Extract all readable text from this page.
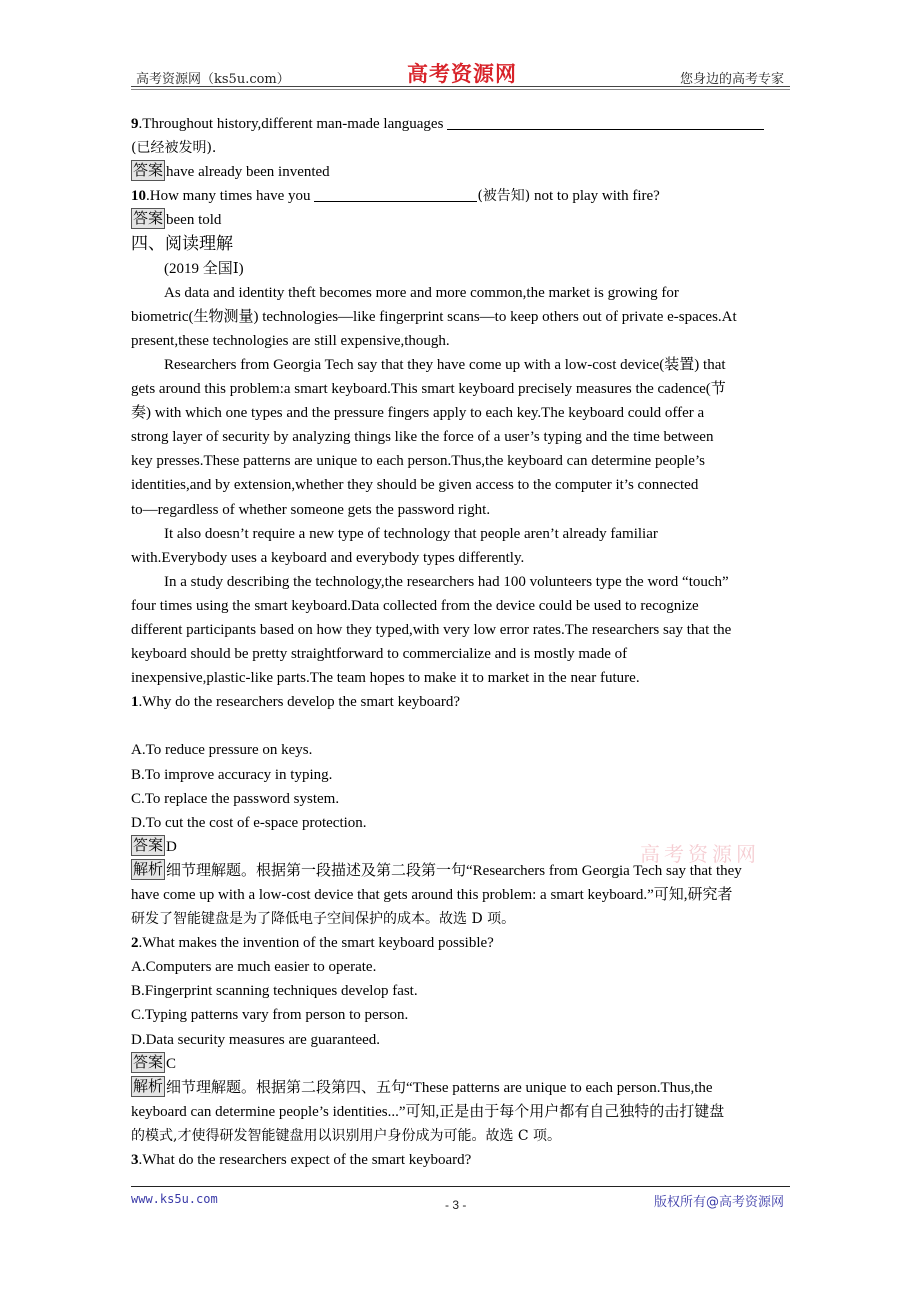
高考资源网（ks5u.com）	高考资源网	您身边的高考专家
9.Throughout history,different man-made languages
(已经被发明).
答案 have already been invented
10.How many times have you	(被告知) not to play with fire?
答案 been told
四、阅读理解
(2019 全国Ⅰ)
As data and identity theft becomes more and more common,the market is growing for
biometric(生物测量) technologies—like fingerprint scans—to keep others out of private e-spaces.At
present,these technologies are still expensive,though.
Researchers from Georgia Tech say that they have come up with a low-cost device(装置) that
gets around this problem:a smart keyboard.This smart keyboard precisely measures the cadence(节
奏) with which one types and the pressure fingers apply to each key.The keyboard could offer a
strong layer of security by analyzing things like the force of a user’s typing and the time between
key presses.These patterns are unique to each person.Thus,the keyboard can determine people’s
identities,and by extension,whether they should be given access to the computer it’s connected
to—regardless of whether someone gets the password right.
It also doesn’t require a new type of technology that people aren’t already familiar
with.Everybody uses a keyboard and everybody types differently.
In a study describing the technology,the researchers had 100 volunteers type the word “touch”
four times using the smart keyboard.Data collected from the device could be used to recognize
different participants based on how they typed,with very low error rates.The researchers say that the
keyboard should be pretty straightforward to commercialize and is mostly made of
inexpensive,plastic-like parts.The team hopes to make it to market in the near future.
1.Why do the researchers develop the smart keyboard?
A.To reduce pressure on keys.
B.To improve accuracy in typing.
C.To replace the password system.
D.To cut the cost of e-space protection.
答案 D
解析 细节理解题。根据第一段描述及第二段第一句“Researchers from Georgia Tech say that they
have come up with a low-cost device that gets around this problem: a smart keyboard.”可知,研究者
研发了智能键盘是为了降低电子空间保护的成本。故选 D 项。
2.What makes the invention of the smart keyboard possible?
A.Computers are much easier to operate.
B.Fingerprint scanning techniques develop fast.
C.Typing patterns vary from person to person.
D.Data security measures are guaranteed.
答案 C
解析 细节理解题。根据第二段第四、五句“These patterns are unique to each person.Thus,the
keyboard can determine people’s identities...”可知,正是由于每个用户都有自己独特的击打键盘
的模式,才使得研发智能键盘用以识别用户身份成为可能。故选 C 项。
3.What do the researchers expect of the smart keyboard?
高考资源网
www.ks5u.com	- 3 -	版权所有@高考资源网
